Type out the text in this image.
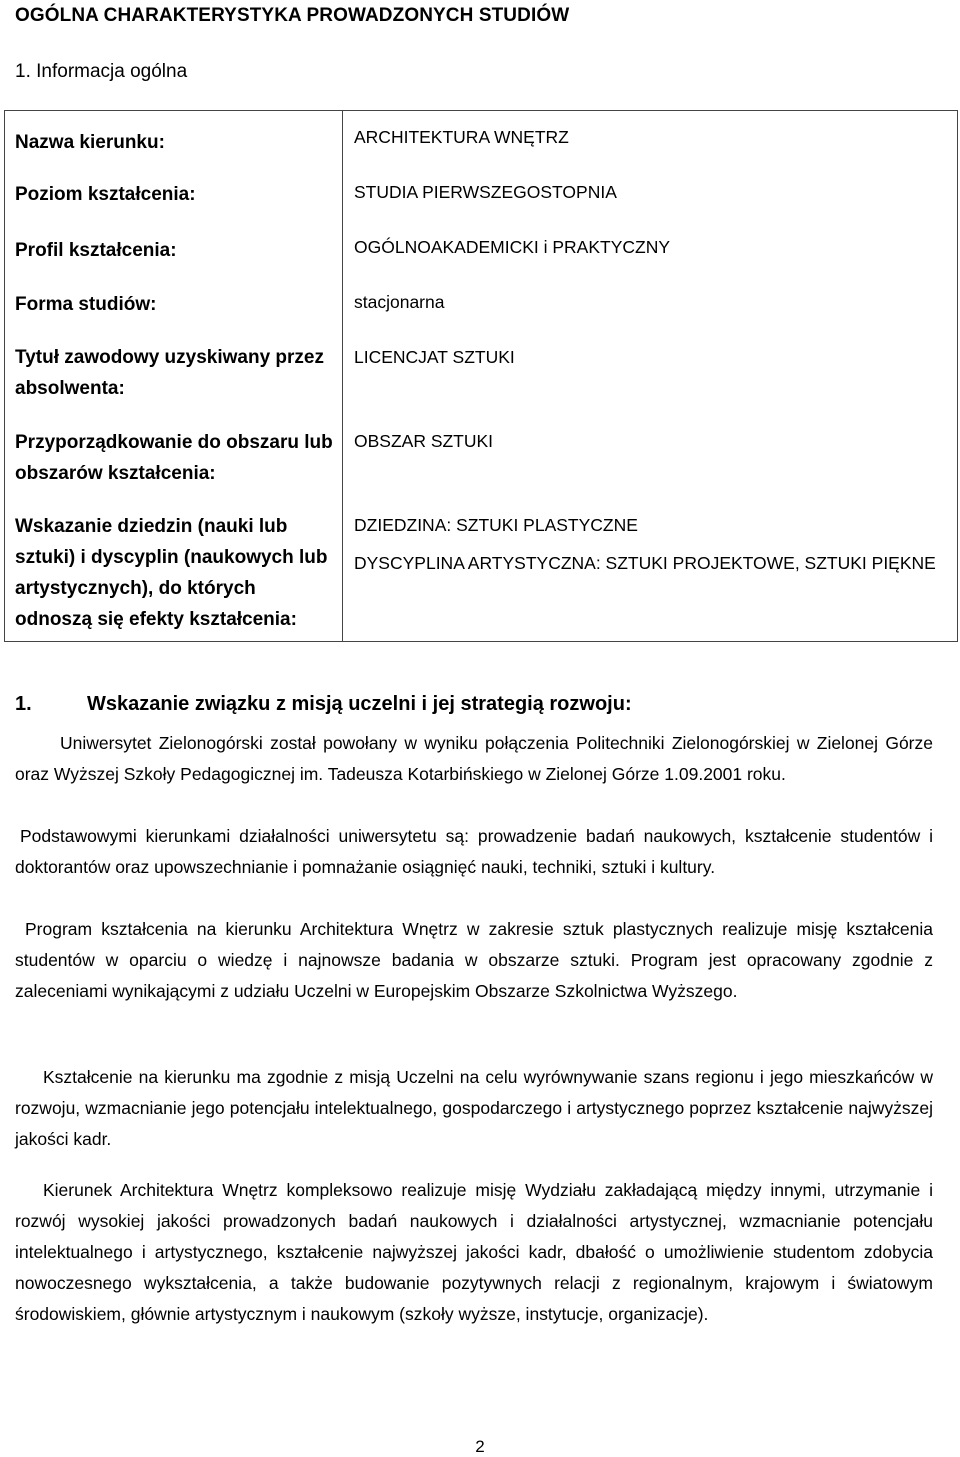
OGÓLNA CHARAKTERYSTYKA PROWADZONYCH STUDIÓW
1. Informacja ogólna
Nazwa kierunku:	ARCHITEKTURA WNĘTRZ
Poziom kształcenia:	STUDIA PIERWSZEGOSTOPNIA
Profil kształcenia:	OGÓLNOAKADEMICKI i PRAKTYCZNY
Forma studiów:	stacjonarna
Tytuł zawodowy uzyskiwany przez absolwenta:
LICENCJAT SZTUKI
Przyporządkowanie do obszaru lub obszarów kształcenia:
OBSZAR SZTUKI
Wskazanie dziedzin (nauki lub sztuki) i dyscyplin (naukowych lub artystycznych), do których odnoszą się efekty kształcenia:
DZIEDZINA: SZTUKI PLASTYCZNE
DYSCYPLINA ARTYSTYCZNA: SZTUKI PROJEKTOWE, SZTUKI PIĘKNE
1.	Wskazanie związku z misją uczelni i jej strategią rozwoju:
Uniwersytet Zielonogórski został powołany w wyniku połączenia Politechniki Zielonogórskiej w Zielonej Górze oraz Wyższej Szkoły Pedagogicznej im. Tadeusza Kotarbińskiego w Zielonej Górze 1.09.2001 roku.
Podstawowymi kierunkami działalności uniwersytetu są: prowadzenie badań naukowych, kształcenie studentów i doktorantów oraz upowszechnianie i pomnażanie osiągnięć nauki, techniki, sztuki i kultury.
Program kształcenia na kierunku Architektura Wnętrz w zakresie sztuk plastycznych realizuje misję kształcenia studentów w oparciu o wiedzę i najnowsze badania w obszarze sztuki. Program jest opracowany zgodnie z zaleceniami wynikającymi z udziału Uczelni w Europejskim Obszarze Szkolnictwa Wyższego.
Kształcenie na kierunku ma zgodnie z misją Uczelni na celu wyrównywanie szans regionu i jego mieszkańców w rozwoju, wzmacnianie jego potencjału intelektualnego, gospodarczego i artystycznego poprzez kształcenie najwyższej jakości kadr.
Kierunek Architektura Wnętrz kompleksowo realizuje misję Wydziału zakładającą między innymi, utrzymanie i rozwój wysokiej jakości prowadzonych badań naukowych i działalności artystycznej, wzmacnianie potencjału intelektualnego i artystycznego, kształcenie najwyższej jakości kadr, dbałość o umożliwienie studentom zdobycia nowoczesnego wykształcenia, a także budowanie pozytywnych relacji z regionalnym, krajowym i światowym środowiskiem, głównie artystycznym i naukowym (szkoły wyższe, instytucje, organizacje).
2
